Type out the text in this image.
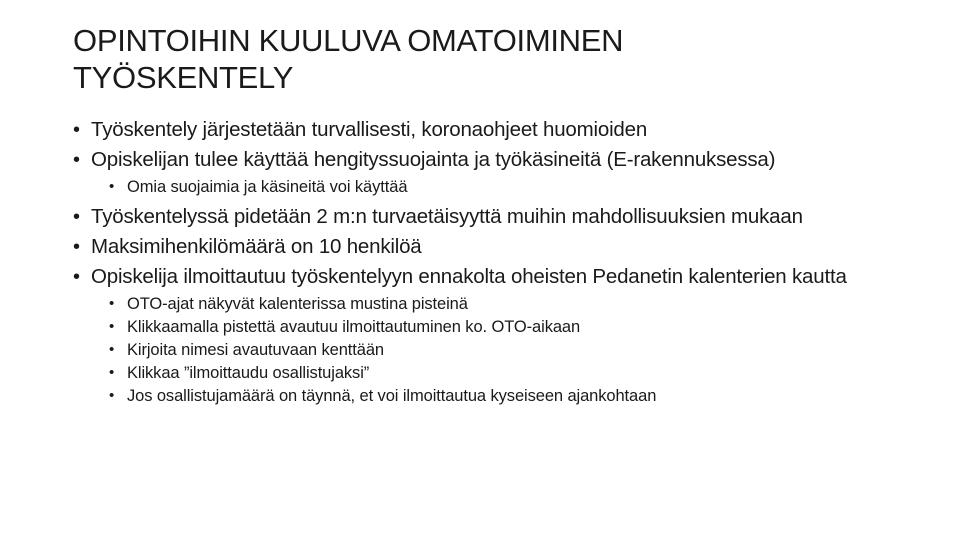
OPINTOIHIN KUULUVA OMATOIMINEN
TYÖSKENTELY
• Työskentely järjestetään turvallisesti, koronaohjeet huomioiden
• Opiskelijan tulee käyttää hengityssuojainta ja työkäsineitä (E-rakennuksessa)
• Omia suojaimia ja käsineitä voi käyttää
• Työskentelyssä pidetään 2 m:n turvaetäisyyttä muihin mahdollisuuksien mukaan
• Maksimihenkilömäärä on 10 henkilöä
• Opiskelija ilmoittautuu työskentelyyn ennakolta oheisten Pedanetin kalenterien kautta
• OTO-ajat näkyvät kalenterissa mustina pisteinä
• Klikkaamalla pistettä avautuu ilmoittautuminen ko. OTO-aikaan
• Kirjoita nimesi avautuvaan kenttään
• Klikkaa ”ilmoittaudu osallistujaksi”
• Jos osallistujamäärä on täynnä, et voi ilmoittautua kyseiseen ajankohtaan
